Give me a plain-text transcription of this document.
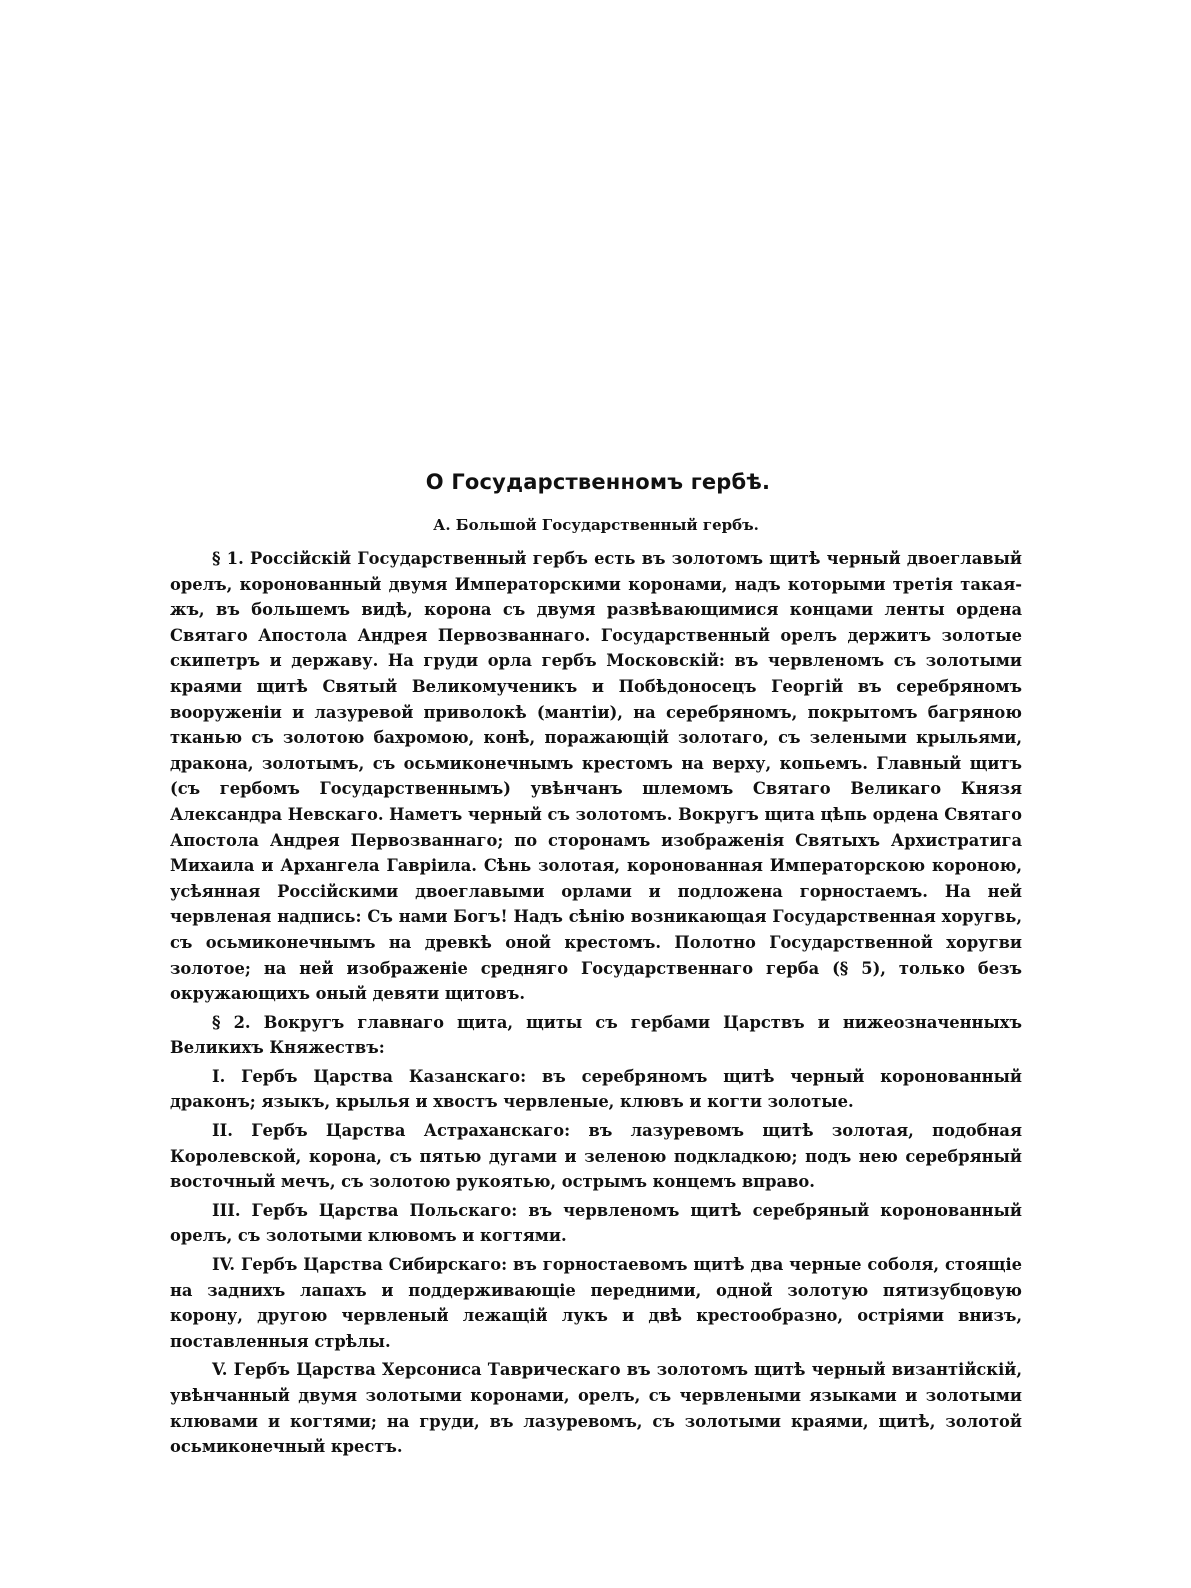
О Государственномъ гербѣ.
А. Большой Государственный гербъ.

§ 1. Россійскій Государственный гербъ есть въ золотомъ щитѣ черный двоеглавый орелъ, коронованный двумя Императорскими коронами, надъ которыми третія такая-жъ, въ большемъ видѣ, корона съ двумя развѣвающимися концами ленты ордена Святаго Апостола Андрея Первозваннаго. Государственный орелъ держитъ золотые скипетръ и державу. На груди орла гербъ Московскій: въ червленомъ съ золотыми краями щитѣ Святый Великомученикъ и Побѣдоносецъ Георгій въ серебряномъ вооруженіи и лазуревой приволокѣ (мантіи), на серебряномъ, покрытомъ багряною тканью съ золотою бахромою, конѣ, поражающій золотаго, съ зелеными крыльями, дракона, золотымъ, съ осьмиконечнымъ крестомъ на верху, копьемъ. Главный щитъ (съ гербомъ Государственнымъ) увѣнчанъ шлемомъ Святаго Великаго Князя Александра Невскаго. Наметъ черный съ золотомъ. Вокругъ щита цѣпь ордена Святаго Апостола Андрея Первозваннаго; по сторонамъ изображенія Святыхъ Архистратига Михаила и Архангела Гавріила. Сѣнь золотая, коронованная Императорскою короною, усѣянная Россійскими двоеглавыми орлами и подложена горностаемъ. На ней червленая надпись: Съ нами Богъ! Надъ сѣнію возникающая Государственная хоругвь, съ осьмиконечнымъ на древкѣ оной крестомъ. Полотно Государственной хоругви золотое; на ней изображеніе средняго Государственнаго герба (§ 5), только безъ окружающихъ оный девяти щитовъ.

§ 2. Вокругъ главнаго щита, щиты съ гербами Царствъ и нижеозначенныхъ Великихъ Княжествъ:

I. Гербъ Царства Казанскаго: въ серебряномъ щитѣ черный коронованный драконъ; языкъ, крылья и хвостъ червленые, клювъ и когти золотые.

II. Гербъ Царства Астраханскаго: въ лазуревомъ щитѣ золотая, подобная Королевской, корона, съ пятью дугами и зеленою подкладкою; подъ нею серебряный восточный мечъ, съ золотою рукоятью, острымъ концемъ вправо.

III. Гербъ Царства Польскаго: въ червленомъ щитѣ серебряный коронованный орелъ, съ золотыми клювомъ и когтями.

IV. Гербъ Царства Сибирскаго: въ горностаевомъ щитѣ два черные соболя, стоящіе на заднихъ лапахъ и поддерживающіе передними, одной золотую пятизубцовую корону, другою червленый лежащій лукъ и двѣ крестообразно, остріями внизъ, поставленныя стрѣлы.

V. Гербъ Царства Херсониса Таврическаго въ золотомъ щитѣ черный византійскій, увѣнчанный двумя золотыми коронами, орелъ, съ червлеными языками и золотыми клювами и когтями; на груди, въ лазуревомъ, съ золотыми краями, щитѣ, золотой осьмиконечный крестъ.
